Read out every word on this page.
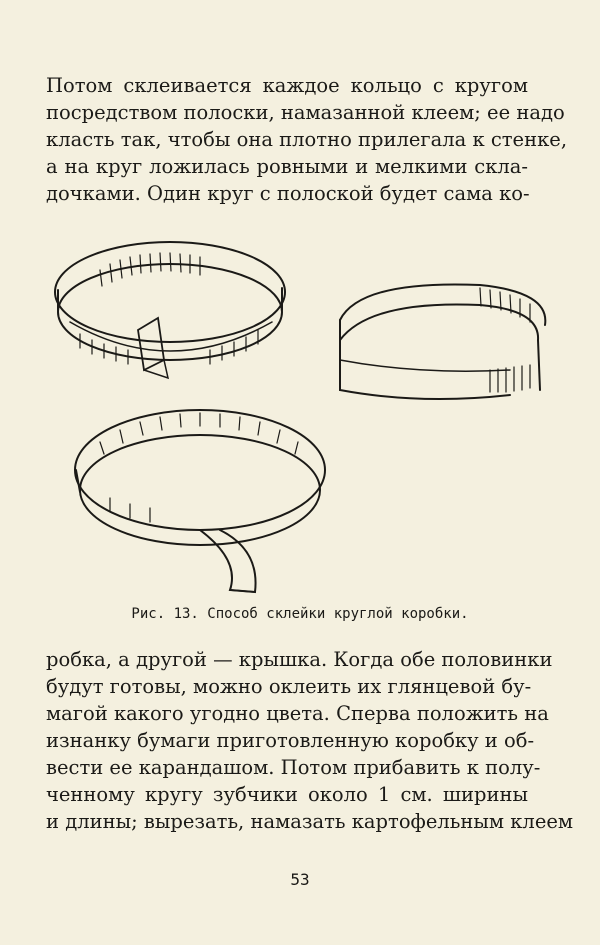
Потом склеивается каждое кольцо с кругом
посредством полоски, намазанной клеем; ее надо
класть так, чтобы она плотно прилегала к стенке,
а на круг ложилась ровными и мелкими скла-
дочками. Один круг с полоской будет сама ко-

Рис. 13. Способ склейки круглой коробки.

робка, а другой — крышка. Когда обе половинки
будут готовы, можно оклеить их глянцевой бу-
магой какого угодно цвета. Сперва положить на
изнанку бумаги приготовленную коробку и об-
вести ее карандашом. Потом прибавить к полу-
ченному кругу зубчики около 1 см. ширины
и длины; вырезать, намазать картофельным клеем

53
